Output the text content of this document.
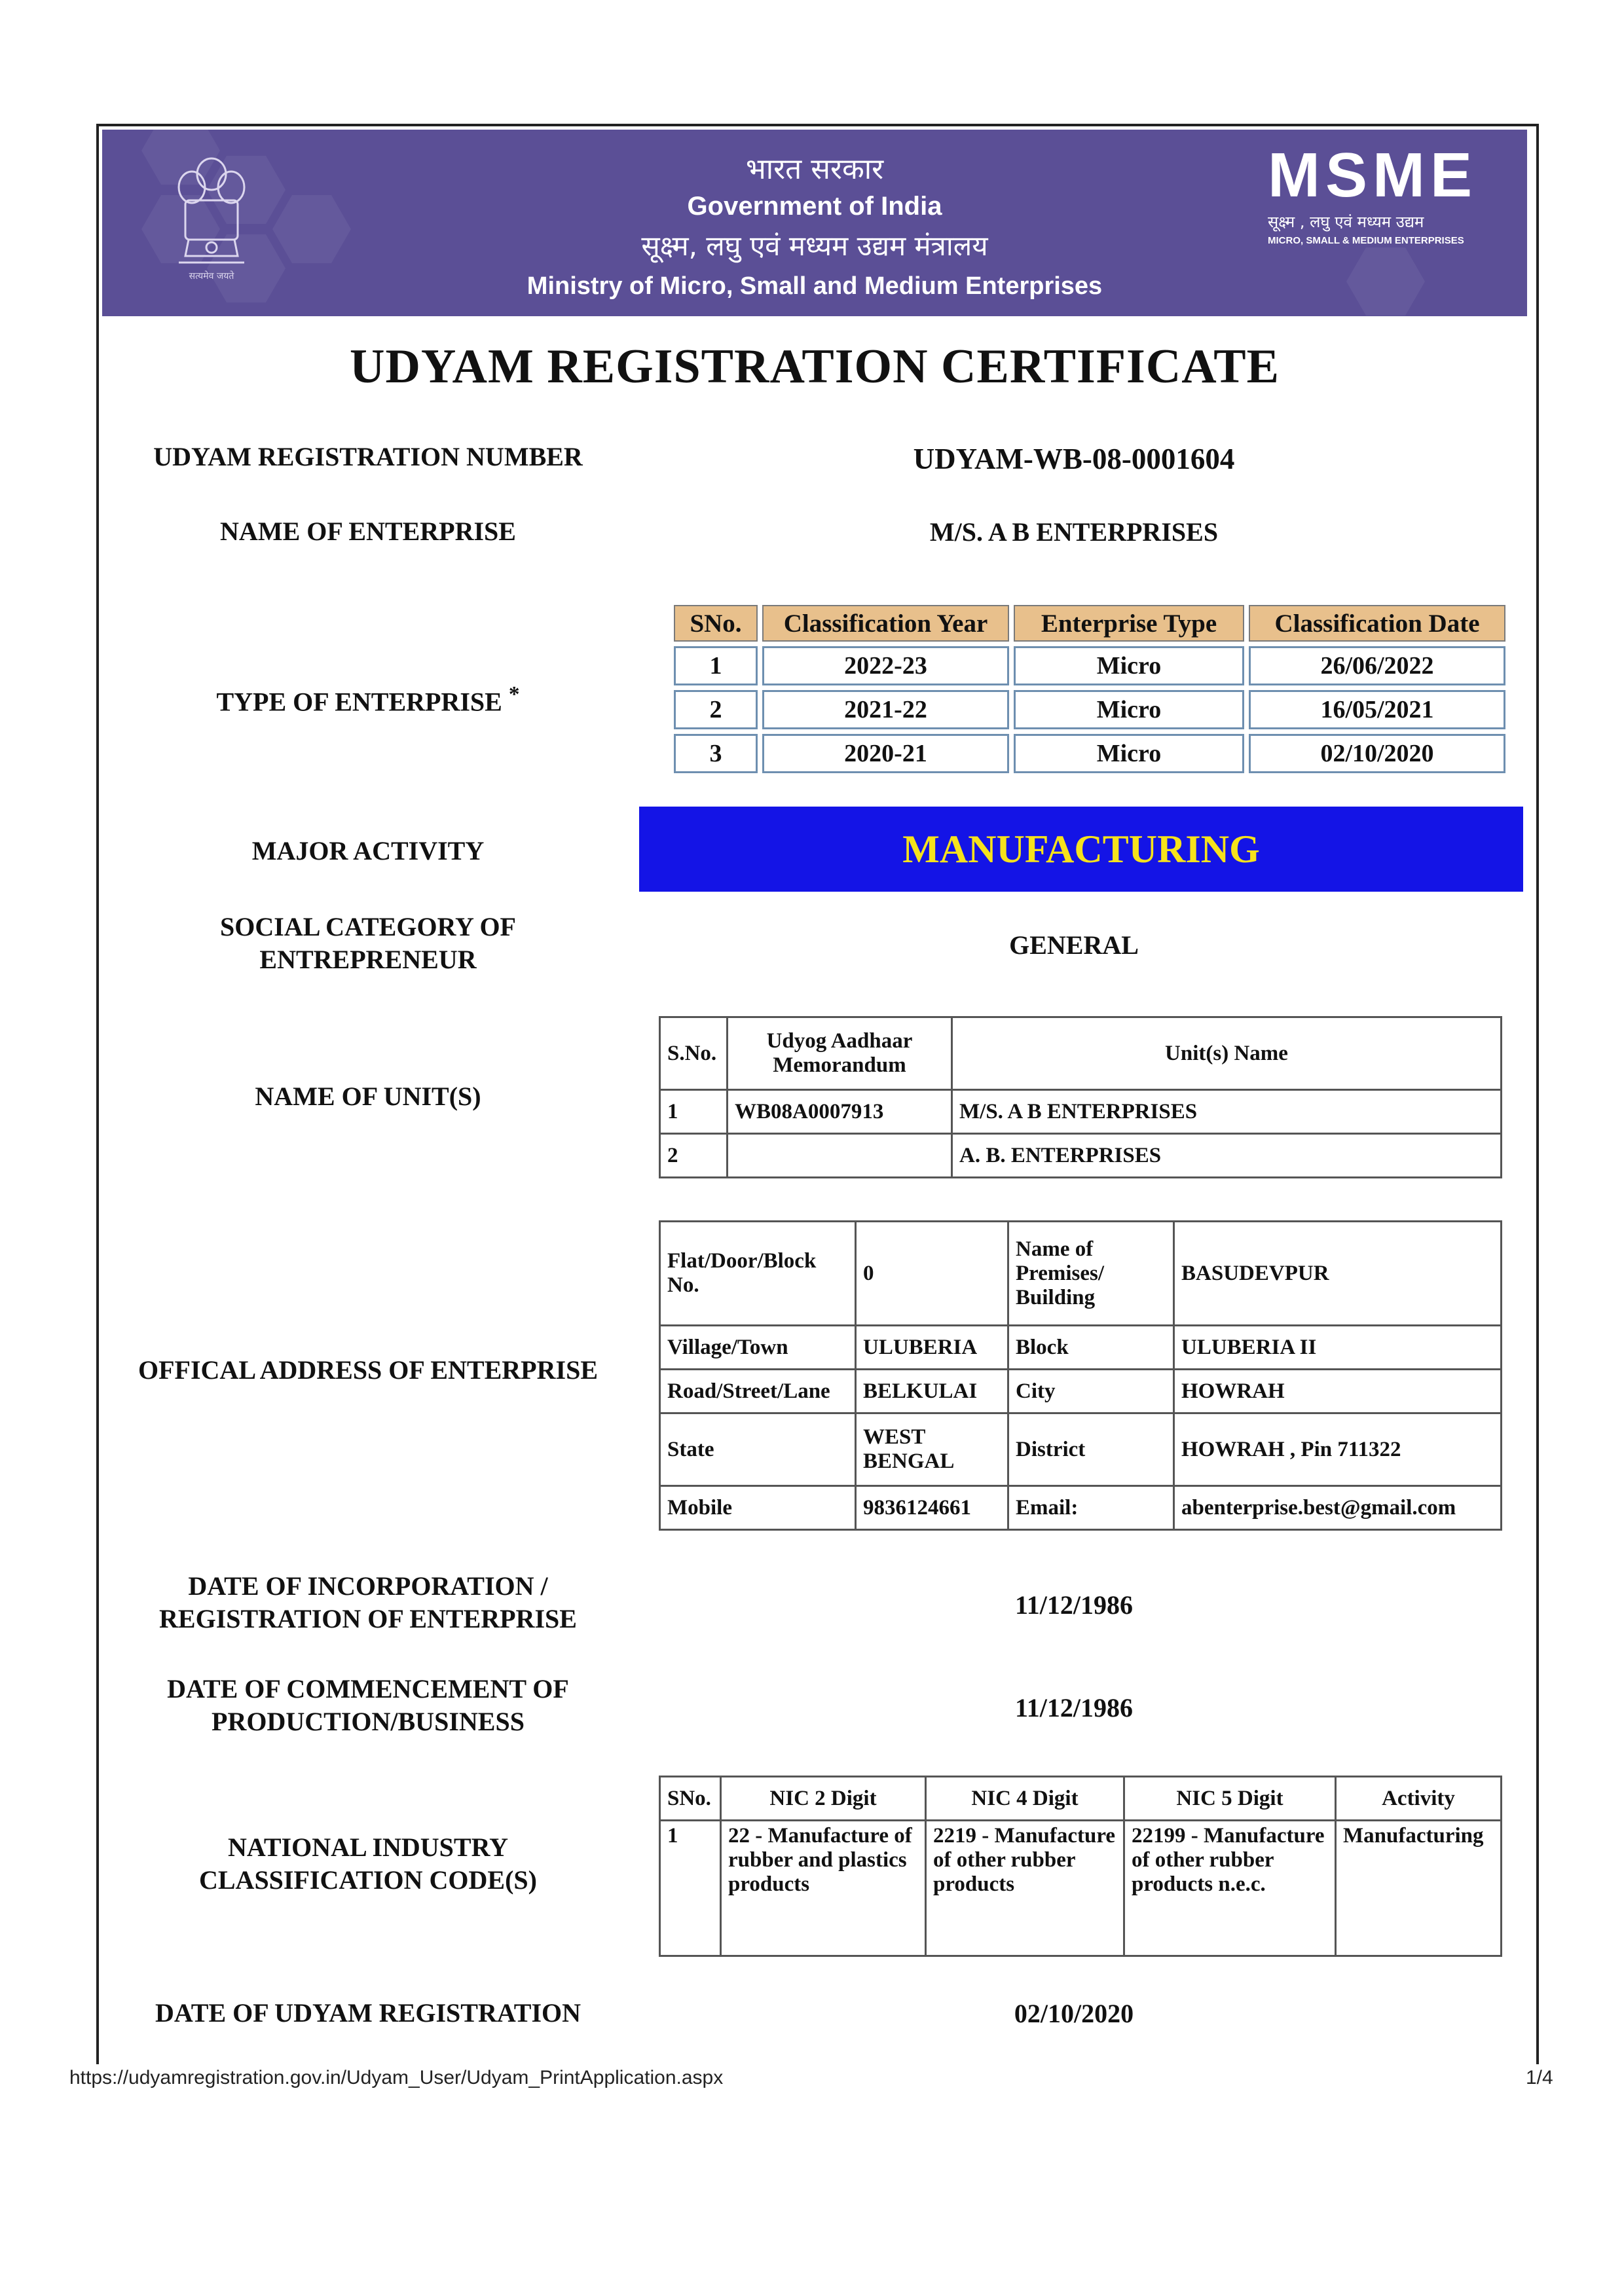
सत्यमेव जयते
भारत सरकार
Government of India
सूक्ष्म, लघु एवं मध्यम उद्यम मंत्रालय
Ministry of Micro, Small and Medium Enterprises
MSME
सूक्ष्म , लघु एवं मध्यम उद्यम
MICRO, SMALL & MEDIUM ENTERPRISES
UDYAM REGISTRATION CERTIFICATE
UDYAM REGISTRATION NUMBER	UDYAM-WB-08-0001604
NAME OF ENTERPRISE	M/S. A B ENTERPRISES
TYPE OF ENTERPRISE *
SNo.	Classification Year	Enterprise Type	Classification Date
1	2022-23	Micro	26/06/2022
2	2021-22	Micro	16/05/2021
3	2020-21	Micro	02/10/2020
MAJOR ACTIVITY	MANUFACTURING
SOCIAL CATEGORY OF
ENTREPRENEUR	GENERAL
NAME OF UNIT(S)
S.No.	Udyog Aadhaar Memorandum	Unit(s) Name
1	WB08A0007913	M/S. A B ENTERPRISES
2		A. B. ENTERPRISES
OFFICAL ADDRESS OF ENTERPRISE
Flat/Door/Block No.	0	Name of Premises/ Building	BASUDEVPUR
Village/Town	ULUBERIA	Block	ULUBERIA II
Road/Street/Lane	BELKULAI	City	HOWRAH
State	WEST BENGAL	District	HOWRAH , Pin 711322
Mobile	9836124661	Email:	abenterprise.best@gmail.com
DATE OF INCORPORATION /
REGISTRATION OF ENTERPRISE	11/12/1986
DATE OF COMMENCEMENT OF
PRODUCTION/BUSINESS	11/12/1986
NATIONAL INDUSTRY
CLASSIFICATION CODE(S)
SNo.	NIC 2 Digit	NIC 4 Digit	NIC 5 Digit	Activity
1	22 - Manufacture of rubber and plastics products	2219 - Manufacture of other rubber products	22199 - Manufacture of other rubber products n.e.c.	Manufacturing
DATE OF UDYAM REGISTRATION	02/10/2020
https://udyamregistration.gov.in/Udyam_User/Udyam_PrintApplication.aspx	1/4
